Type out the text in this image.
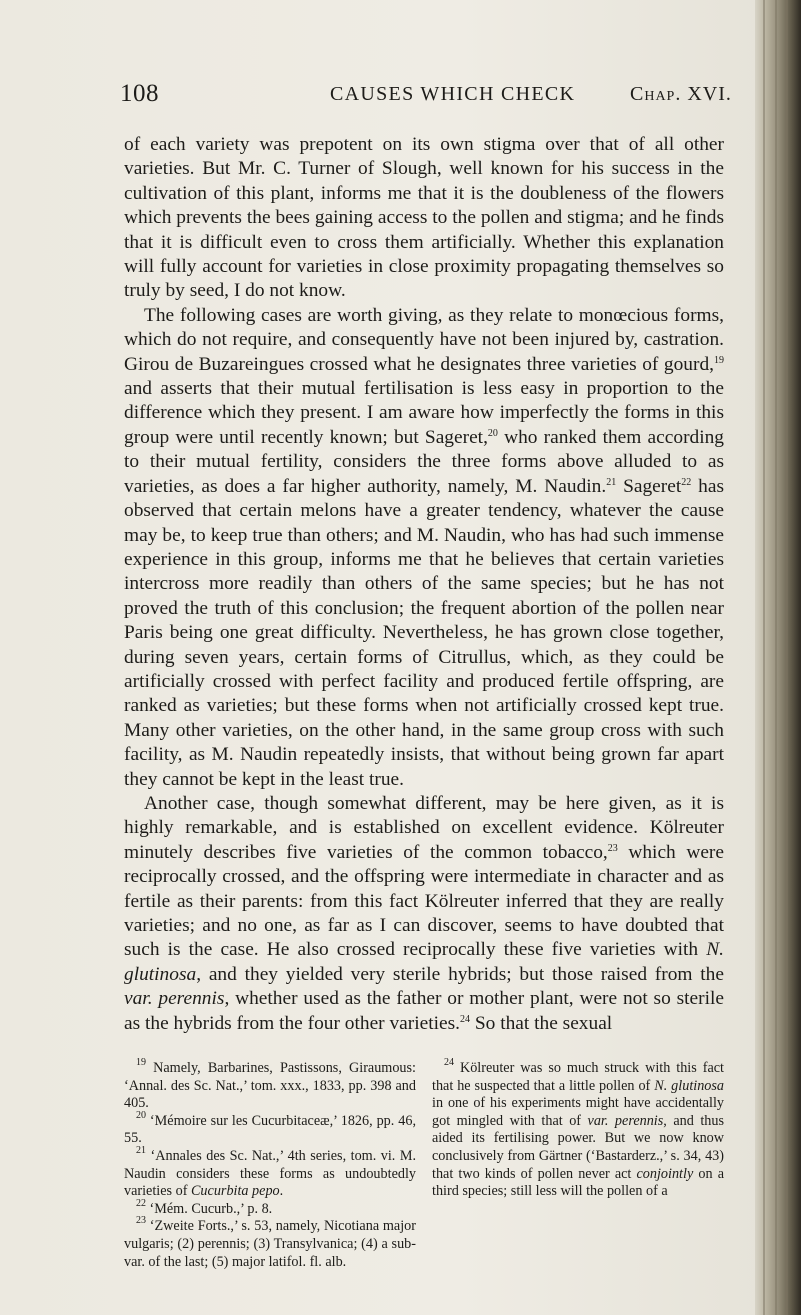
108	CAUSES WHICH CHECK	Chap. XVI.

of each variety was prepotent on its own stigma over that of all other varieties. But Mr. C. Turner of Slough, well known for his success in the cultivation of this plant, informs me that it is the doubleness of the flowers which prevents the bees gaining access to the pollen and stigma; and he finds that it is difficult even to cross them artificially. Whether this explanation will fully account for varieties in close proximity propagating themselves so truly by seed, I do not know.

The following cases are worth giving, as they relate to monœcious forms, which do not require, and consequently have not been injured by, castration. Girou de Buzareingues crossed what he designates three varieties of gourd,$^{19}$ and asserts that their mutual fertilisation is less easy in proportion to the difference which they present. I am aware how imperfectly the forms in this group were until recently known; but Sageret,$^{20}$ who ranked them according to their mutual fertility, considers the three forms above alluded to as varieties, as does a far higher authority, namely, M. Naudin.$^{21}$ Sageret$^{22}$ has observed that certain melons have a greater tendency, whatever the cause may be, to keep true than others; and M. Naudin, who has had such immense experience in this group, informs me that he believes that certain varieties intercross more readily than others of the same species; but he has not proved the truth of this conclusion; the frequent abortion of the pollen near Paris being one great difficulty. Nevertheless, he has grown close together, during seven years, certain forms of Citrullus, which, as they could be artificially crossed with perfect facility and produced fertile offspring, are ranked as varieties; but these forms when not artificially crossed kept true. Many other varieties, on the other hand, in the same group cross with such facility, as M. Naudin repeatedly insists, that without being grown far apart they cannot be kept in the least true.

Another case, though somewhat different, may be here given, as it is highly remarkable, and is established on excellent evidence. Kölreuter minutely describes five varieties of the common tobacco,$^{23}$ which were reciprocally crossed, and the offspring were intermediate in character and as fertile as their parents: from this fact Kölreuter inferred that they are really varieties; and no one, as far as I can discover, seems to have doubted that such is the case. He also crossed reciprocally these five varieties with N. glutinosa, and they yielded very sterile hybrids; but those raised from the var. perennis, whether used as the father or mother plant, were not so sterile as the hybrids from the four other varieties.$^{24}$ So that the sexual

$^{19}$ Namely, Barbarines, Pastissons, Giraumous: ‘Annal. des Sc. Nat.,’ tom. xxx., 1833, pp. 398 and 405.

$^{20}$ ‘Mémoire sur les Cucurbitaceæ,’ 1826, pp. 46, 55.

$^{21}$ ‘Annales des Sc. Nat.,’ 4th series, tom. vi. M. Naudin considers these forms as undoubtedly varieties of Cucurbita pepo.

$^{22}$ ‘Mém. Cucurb.,’ p. 8.

$^{23}$ ‘Zweite Forts.,’ s. 53, namely, Nicotiana major vulgaris; (2) perennis; (3) Transylvanica; (4) a sub-var. of the last; (5) major latifol. fl. alb.

$^{24}$ Kölreuter was so much struck with this fact that he suspected that a little pollen of N. glutinosa in one of his experiments might have accidentally got mingled with that of var. perennis, and thus aided its fertilising power. But we now know conclusively from Gärtner (‘Bastarderz.,’ s. 34, 43) that two kinds of pollen never act conjointly on a third species; still less will the pollen of a
